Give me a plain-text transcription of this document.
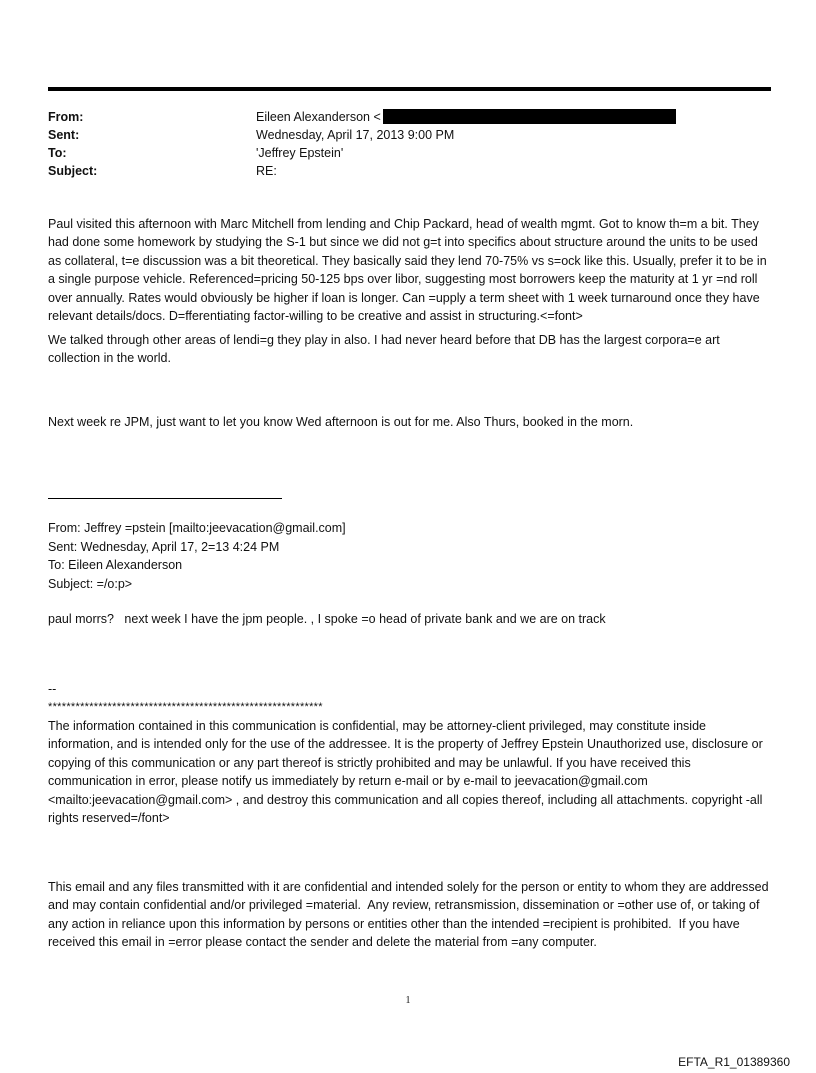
From:	Eileen Alexanderson <
Sent:	Wednesday, April 17, 2013 9:00 PM
To:	'Jeffrey Epstein'
Subject:	RE:

Paul visited this afternoon with Marc Mitchell from lending and Chip Packard, head of wealth mgmt. Got to know th=m a bit. They had done some homework by studying the S-1 but since we did not g=t into specifics about structure around the units to be used as collateral, t=e discussion was a bit theoretical. They basically said they lend 70-75% vs s=ock like this. Usually, prefer it to be in a single purpose vehicle. Referenced=pricing 50-125 bps over libor, suggesting most borrowers keep the maturity at 1 yr =nd roll over annually. Rates would obviously be higher if loan is longer. Can =upply a term sheet with 1 week turnaround once they have relevant details/docs. D=fferentiating factor-willing to be creative and assist in structuring.<=font>

We talked through other areas of lendi=g they play in also. I had never heard before that DB has the largest corpora=e art collection in the world.

Next week re JPM, just want to let you know Wed afternoon is out for me. Also Thurs, booked in the morn.

From: Jeffrey =pstein [mailto:jeevacation@gmail.com]
Sent: Wednesday, April 17, 2=13 4:24 PM
To: Eileen Alexanderson
Subject: =/o:p>

paul morrs?   next week I have the jpm people. , I spoke =o head of private bank and we are on track

--

************************************************************

The information contained in this communication is confidential, may be attorney-client privileged, may constitute inside information, and is intended only for the use of the addressee. It is the property of Jeffrey Epstein Unauthorized use, disclosure or copying of this communication or any part thereof is strictly prohibited and may be unlawful. If you have received this communication in error, please notify us immediately by return e-mail or by e-mail to jeevacation@gmail.com <mailto:jeevacation@gmail.com> , and destroy this communication and all copies thereof, including all attachments. copyright -all rights reserved=/font>

This email and any files transmitted with it are confidential and intended solely for the person or entity to whom they are addressed and may contain confidential and/or privileged =material.  Any review, retransmission, dissemination or =other use of, or taking of any action in reliance upon this information by persons or entities other than the intended =recipient is prohibited.  If you have received this email in =error please contact the sender and delete the material from =any computer.

1
EFTA_R1_01389360
